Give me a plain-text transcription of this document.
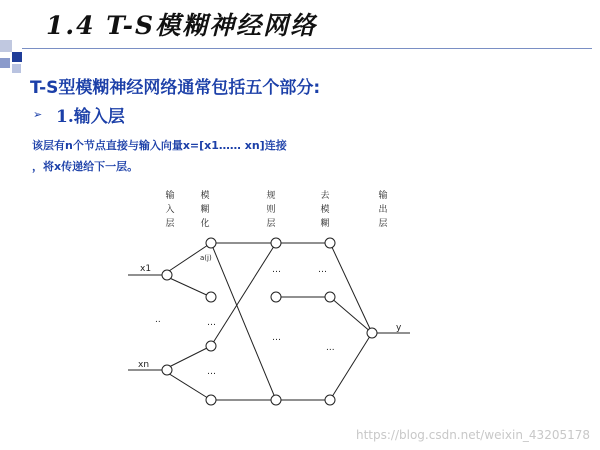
1.4 T-S模糊神经网络
T-S型模糊神经网络通常包括五个部分:
➢ 1.输入层
该层有n个节点直接与输入向量x=[x1…… xn]连接
，将x传递给下一层。
x1
xn
..
a(j)
…
…
…
…
…
...
y
输
入
层
模
糊
化
规
则
层
去
模
糊
输
出
层
https://blog.csdn.net/weixin_43205178
